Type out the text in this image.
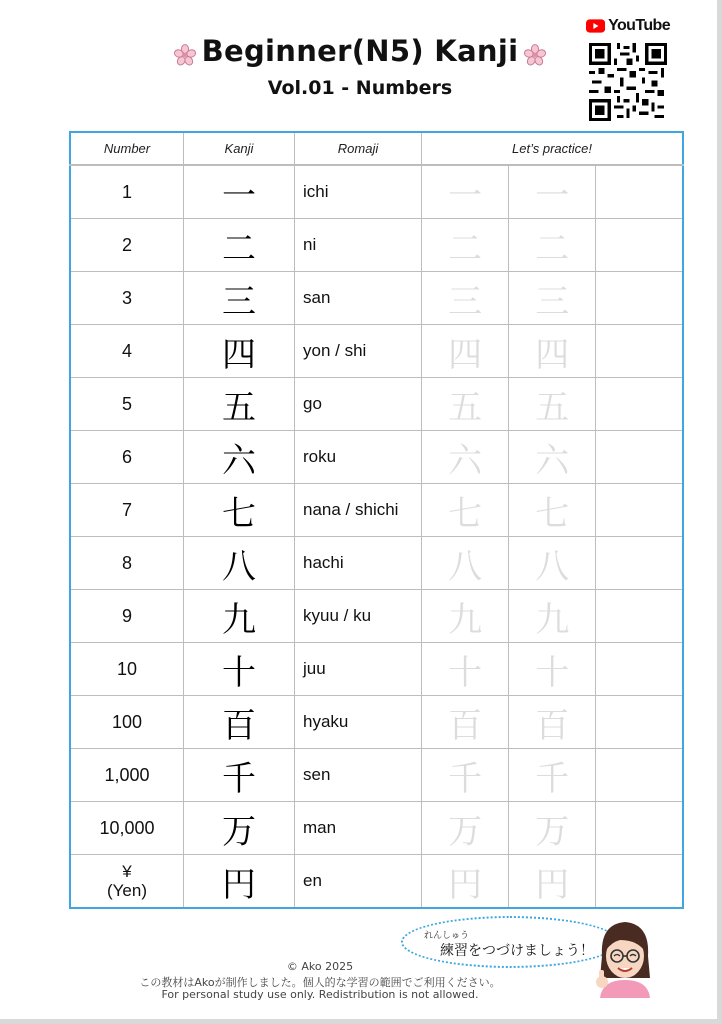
Beginner(N5) Kanji
Vol.01 - Numbers
YouTube
Number	Kanji	Romaji	Let’s practice!		
1	一	ichi	一	一	
2	二	ni	二	二	
3	三	san	三	三	
4	四	yon / shi	四	四	
5	五	go	五	五	
6	六	roku	六	六	
7	七	nana / shichi	七	七	
8	八	hachi	八	八	
9	九	kyuu / ku	九	九	
10	十	juu	十	十	
100	百	hyaku	百	百	
1,000	千	sen	千	千	
10,000	万	man	万	万	
¥
(Yen)	円	en	円	円	
れんしゅう
練習をつづけましょう！
© Ako 2025
この教材はAkoが制作しました。個人的な学習の範囲でご利用ください。
For personal study use only. Redistribution is not allowed.
